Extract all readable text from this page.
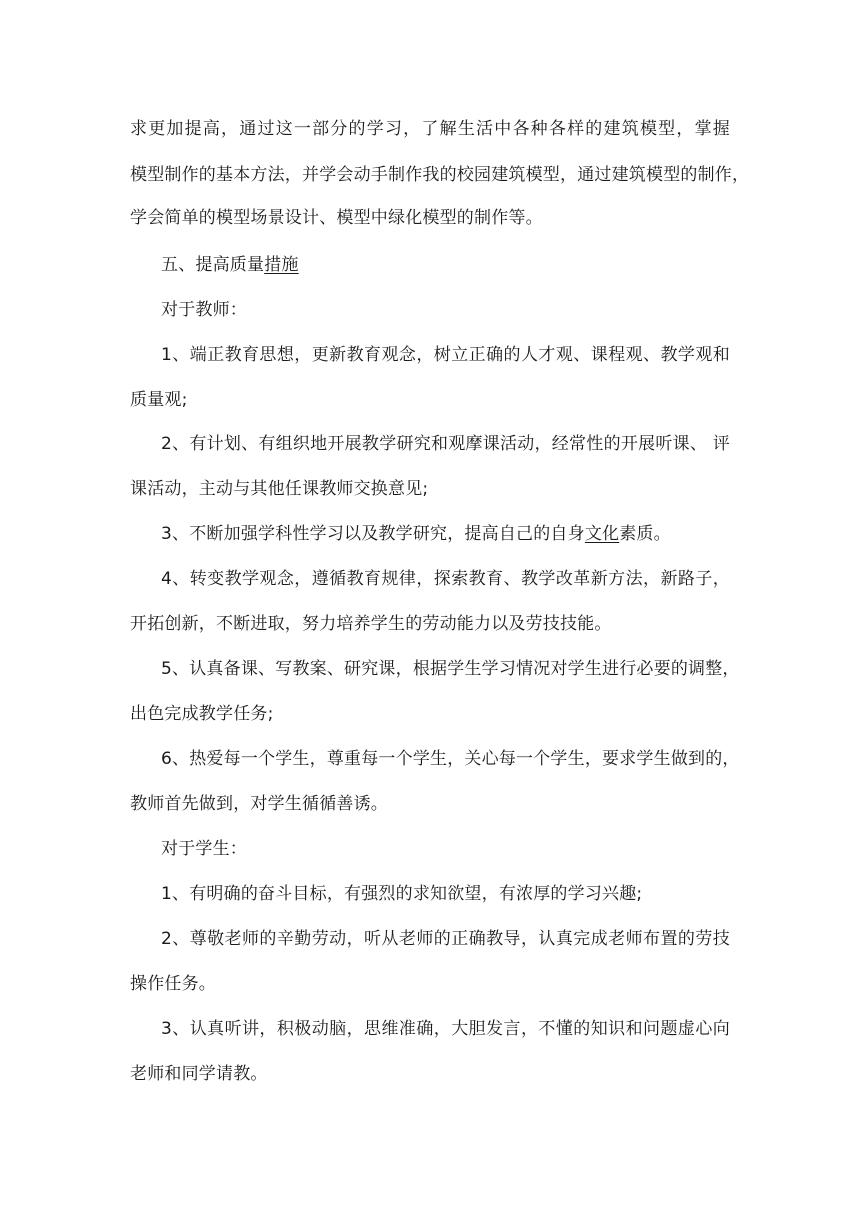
求更加提高，通过这一部分的学习，了解生活中各种各样的建筑模型，掌握
模型制作的基本方法，并学会动手制作我的校园建筑模型，通过建筑模型的制作，
学会简单的模型场景设计、模型中绿化模型的制作等。
五、提高质量措施
对于教师：
1、端正教育思想，更新教育观念，树立正确的人才观、课程观、教学观和
质量观;
2、有计划、有组织地开展教学研究和观摩课活动，经常性的开展听课、 评
课活动，主动与其他任课教师交换意见;
3、不断加强学科性学习以及教学研究，提高自己的自身文化素质。
4、转变教学观念，遵循教育规律，探索教育、教学改革新方法，新路子，
开拓创新，不断进取，努力培养学生的劳动能力以及劳技技能。
5、认真备课、写教案、研究课，根据学生学习情况对学生进行必要的调整，
出色完成教学任务;
6、热爱每一个学生，尊重每一个学生，关心每一个学生，要求学生做到的，
教师首先做到，对学生循循善诱。
对于学生：
1、有明确的奋斗目标，有强烈的求知欲望，有浓厚的学习兴趣;
2、尊敬老师的辛勤劳动，听从老师的正确教导，认真完成老师布置的劳技
操作任务。
3、认真听讲，积极动脑，思维准确，大胆发言，不懂的知识和问题虚心向
老师和同学请教。
